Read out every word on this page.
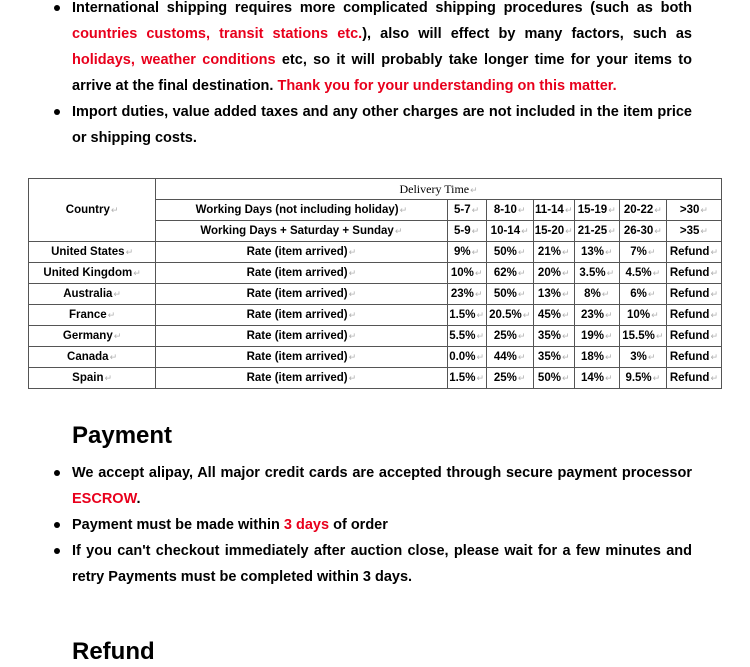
International shipping requires more complicated shipping procedures (such as both countries customs, transit stations etc.), also will effect by many factors, such as holidays, weather conditions etc, so it will probably take longer time for your items to arrive at the final destination. Thank you for your understanding on this matter.
Import duties, value added taxes and any other charges are not included in the item price or shipping costs.
Country↵	Delivery Time↵						
	Working Days (not including holiday)↵	5-7↵	8-10↵	11-14↵	15-19↵	20-22↵	>30↵
	Working Days + Saturday + Sunday↵	5-9↵	10-14↵	15-20↵	21-25↵	26-30↵	>35↵
United States↵	Rate (item arrived)↵	9%↵	50%↵	21%↵	13%↵	7%↵	Refund↵
United Kingdom↵	Rate (item arrived)↵	10%↵	62%↵	20%↵	3.5%↵	4.5%↵	Refund↵
Australia↵	Rate (item arrived)↵	23%↵	50%↵	13%↵	8%↵	6%↵	Refund↵
France↵	Rate (item arrived)↵	1.5%↵	20.5%↵	45%↵	23%↵	10%↵	Refund↵
Germany↵	Rate (item arrived)↵	5.5%↵	25%↵	35%↵	19%↵	15.5%↵	Refund↵
Canada↵	Rate (item arrived)↵	0.0%↵	44%↵	35%↵	18%↵	3%↵	Refund↵
Spain↵	Rate (item arrived)↵	1.5%↵	25%↵	50%↵	14%↵	9.5%↵	Refund↵
Payment
We accept alipay, All major credit cards are accepted through secure payment processor ESCROW.
Payment must be made within 3 days of order
If you can't checkout immediately after auction close, please wait for a few minutes and retry Payments must be completed within 3 days.
Refund
